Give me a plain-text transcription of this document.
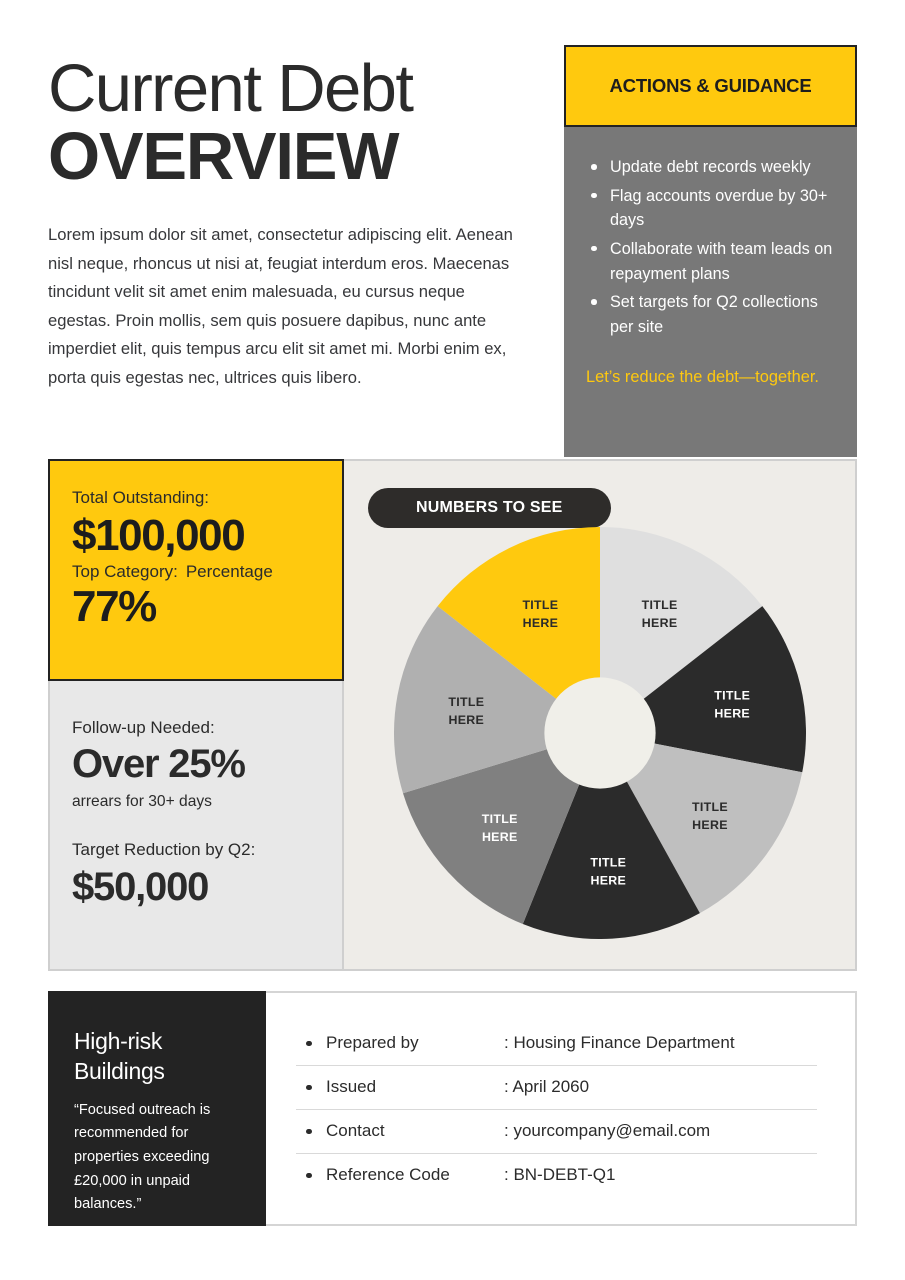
Current Debt
OVERVIEW

Lorem ipsum dolor sit amet, consectetur adipiscing elit. Aenean nisl neque, rhoncus ut nisi at, feugiat interdum eros. Maecenas tincidunt velit sit amet enim malesuada, eu cursus neque egestas. Proin mollis, sem quis posuere dapibus, nunc ante imperdiet elit, quis tempus arcu elit sit amet mi. Morbi enim ex, porta quis egestas nec, ultrices quis libero.

ACTIONS & GUIDANCE
Update debt records weekly
Flag accounts overdue by 30+ days
Collaborate with team leads on repayment plans
Set targets for Q2 collections per site
Let’s reduce the debt—together.
Total Outstanding:
$100,000
Top Category: Percentage
77%
Follow-up Needed:
Over 25%
arrears for 30+ days
Target Reduction by Q2:
$50,000
NUMBERS TO SEE
TITLE
HERE
TITLE
HERE
TITLE
HERE
TITLE
HERE
TITLE
HERE
TITLE
HERE
TITLE
HERE
High-risk Buildings
“Focused outreach is recommended for properties exceeding £20,000 in unpaid balances.”
Prepared by	: Housing Finance Department
Issued	: April 2060
Contact	: yourcompany@email.com
Reference Code	: BN-DEBT-Q1
